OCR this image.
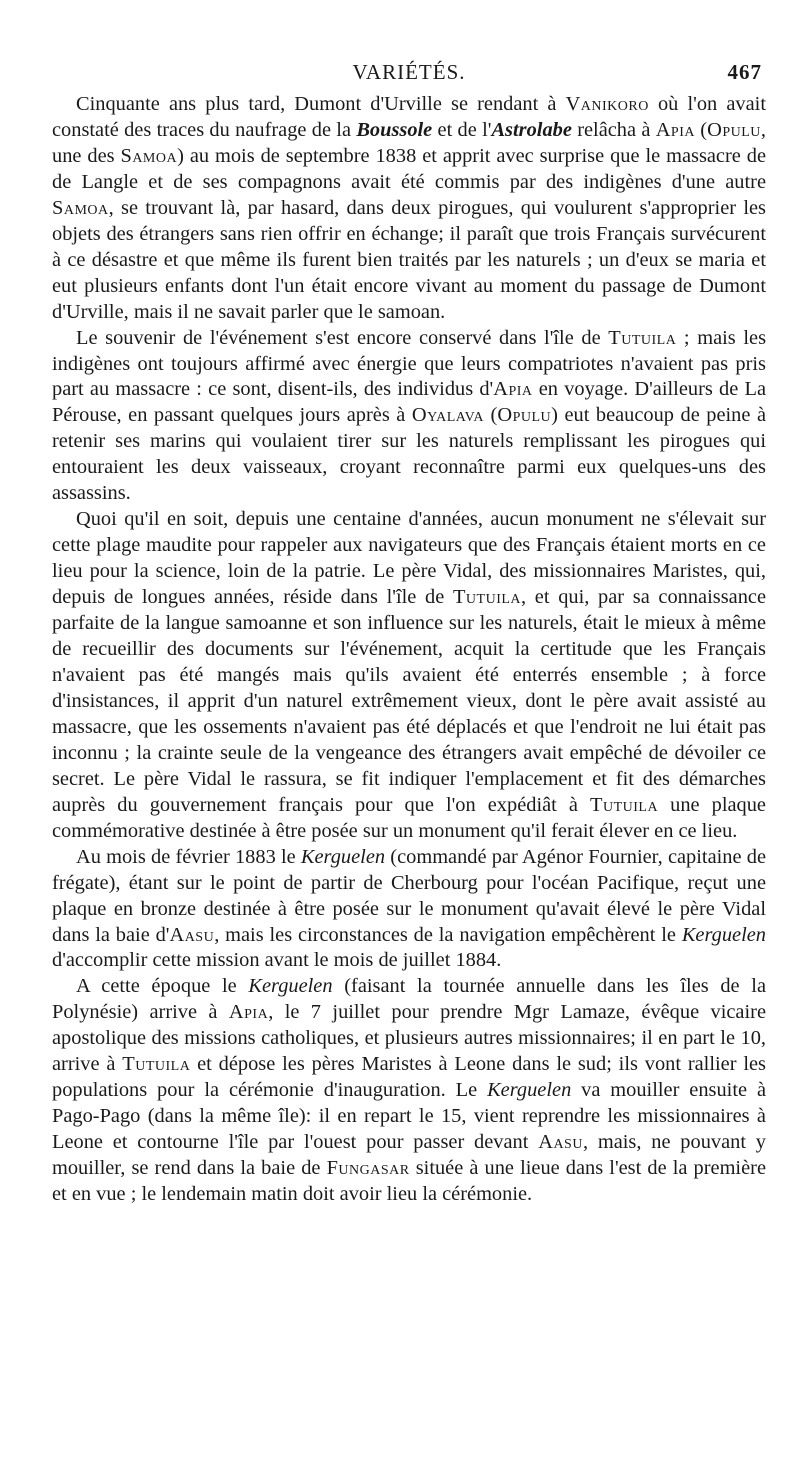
VARIÉTÉS.	467

Cinquante ans plus tard, Dumont d'Urville se rendant à Vanikoro où l'on avait constaté des traces du naufrage de la Boussole et de l'Astrolabe relâcha à Apia (Opulu, une des Samoa) au mois de septembre 1838 et apprit avec surprise que le massacre de de Langle et de ses compagnons avait été commis par des indigènes d'une autre Samoa, se trouvant là, par hasard, dans deux pirogues, qui voulurent s'approprier les objets des étrangers sans rien offrir en échange; il paraît que trois Français survécurent à ce désastre et que même ils furent bien traités par les naturels ; un d'eux se maria et eut plusieurs enfants dont l'un était encore vivant au moment du passage de Dumont d'Urville, mais il ne savait parler que le samoan.

Le souvenir de l'événement s'est encore conservé dans l'île de Tutuila ; mais les indigènes ont toujours affirmé avec énergie que leurs compatriotes n'avaient pas pris part au massacre : ce sont, disent-ils, des individus d'Apia en voyage. D'ailleurs de La Pérouse, en passant quelques jours après à Oyalava (Opulu) eut beaucoup de peine à retenir ses marins qui voulaient tirer sur les naturels remplissant les pirogues qui entouraient les deux vaisseaux, croyant reconnaître parmi eux quelques-uns des assassins.

Quoi qu'il en soit, depuis une centaine d'années, aucun monument ne s'élevait sur cette plage maudite pour rappeler aux navigateurs que des Français étaient morts en ce lieu pour la science, loin de la patrie. Le père Vidal, des missionnaires Maristes, qui, depuis de longues années, réside dans l'île de Tutuila, et qui, par sa connaissance parfaite de la langue samoanne et son influence sur les naturels, était le mieux à même de recueillir des documents sur l'événement, acquit la certitude que les Français n'avaient pas été mangés mais qu'ils avaient été enterrés ensemble ; à force d'insistances, il apprit d'un naturel extrêmement vieux, dont le père avait assisté au massacre, que les ossements n'avaient pas été déplacés et que l'endroit ne lui était pas inconnu ; la crainte seule de la vengeance des étrangers avait empêché de dévoiler ce secret. Le père Vidal le rassura, se fit indiquer l'emplacement et fit des démarches auprès du gouvernement français pour que l'on expédiât à Tutuila une plaque commémorative destinée à être posée sur un monument qu'il ferait élever en ce lieu.

Au mois de février 1883 le Kerguelen (commandé par Agénor Fournier, capitaine de frégate), étant sur le point de partir de Cherbourg pour l'océan Pacifique, reçut une plaque en bronze destinée à être posée sur le monument qu'avait élevé le père Vidal dans la baie d'Aasu, mais les circonstances de la navigation empêchèrent le Kerguelen d'accomplir cette mission avant le mois de juillet 1884.

A cette époque le Kerguelen (faisant la tournée annuelle dans les îles de la Polynésie) arrive à Apia, le 7 juillet pour prendre Mgr Lamaze, évêque vicaire apostolique des missions catholiques, et plusieurs autres missionnaires; il en part le 10, arrive à Tutuila et dépose les pères Maristes à Leone dans le sud; ils vont rallier les populations pour la cérémonie d'inauguration. Le Kerguelen va mouiller ensuite à Pago-Pago (dans la même île): il en repart le 15, vient reprendre les missionnaires à Leone et contourne l'île par l'ouest pour passer devant Aasu, mais, ne pouvant y mouiller, se rend dans la baie de Fungasar située à une lieue dans l'est de la première et en vue ; le lendemain matin doit avoir lieu la cérémonie.
